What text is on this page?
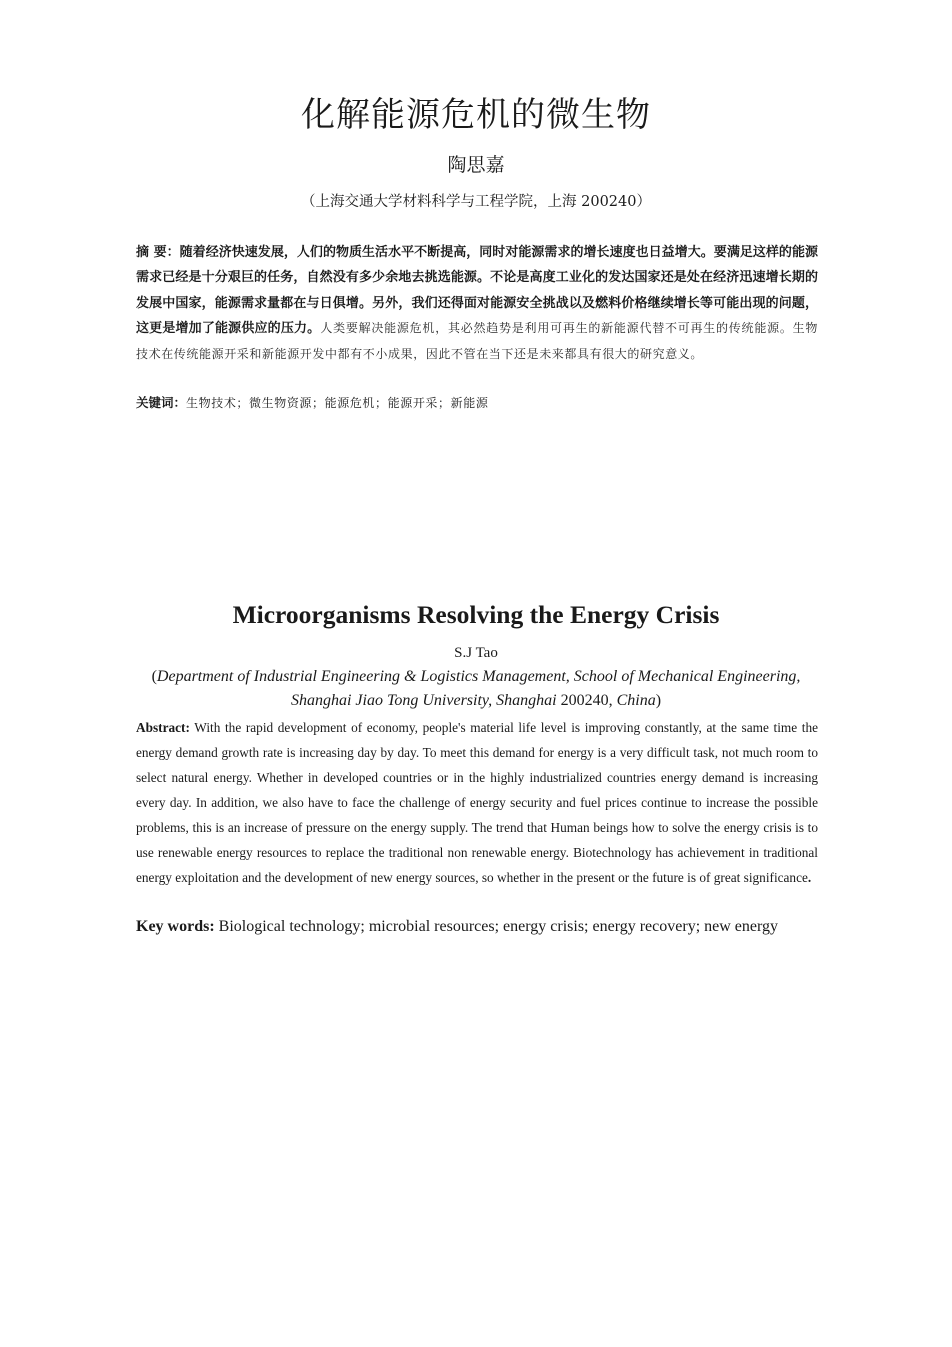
化解能源危机的微生物
陶思嘉
（上海交通大学材料科学与工程学院，上海 200240）
摘 要：随着经济快速发展，人们的物质生活水平不断提高，同时对能源需求的增长速度也日益增大。要满足这样的能源需求已经是十分艰巨的任务，自然没有多少余地去挑选能源。不论是高度工业化的发达国家还是处在经济迅速增长期的发展中国家，能源需求量都在与日俱增。另外，我们还得面对能源安全挑战以及燃料价格继续增长等可能出现的问题，这更是增加了能源供应的压力。人类要解决能源危机，其必然趋势是利用可再生的新能源代替不可再生的传统能源。生物技术在传统能源开采和新能源开发中都有不小成果，因此不管在当下还是未来都具有很大的研究意义。
关键词：生物技术；微生物资源；能源危机；能源开采；新能源
Microorganisms Resolving the Energy Crisis
S.J Tao
(Department of Industrial Engineering & Logistics Management, School of Mechanical Engineering, Shanghai Jiao Tong University, Shanghai 200240, China)
Abstract: With the rapid development of economy, people's material life level is improving constantly, at the same time the energy demand growth rate is increasing day by day. To meet this demand for energy is a very difficult task, not much room to select natural energy. Whether in developed countries or in the highly industrialized countries energy demand is increasing every day. In addition, we also have to face the challenge of energy security and fuel prices continue to increase the possible problems, this is an increase of pressure on the energy supply. The trend that Human beings how to solve the energy crisis is to use renewable energy resources to replace the traditional non renewable energy. Biotechnology has achievement in traditional energy exploitation and the development of new energy sources, so whether in the present or the future is of great significance.
Key words: Biological technology; microbial resources; energy crisis; energy recovery; new energy
